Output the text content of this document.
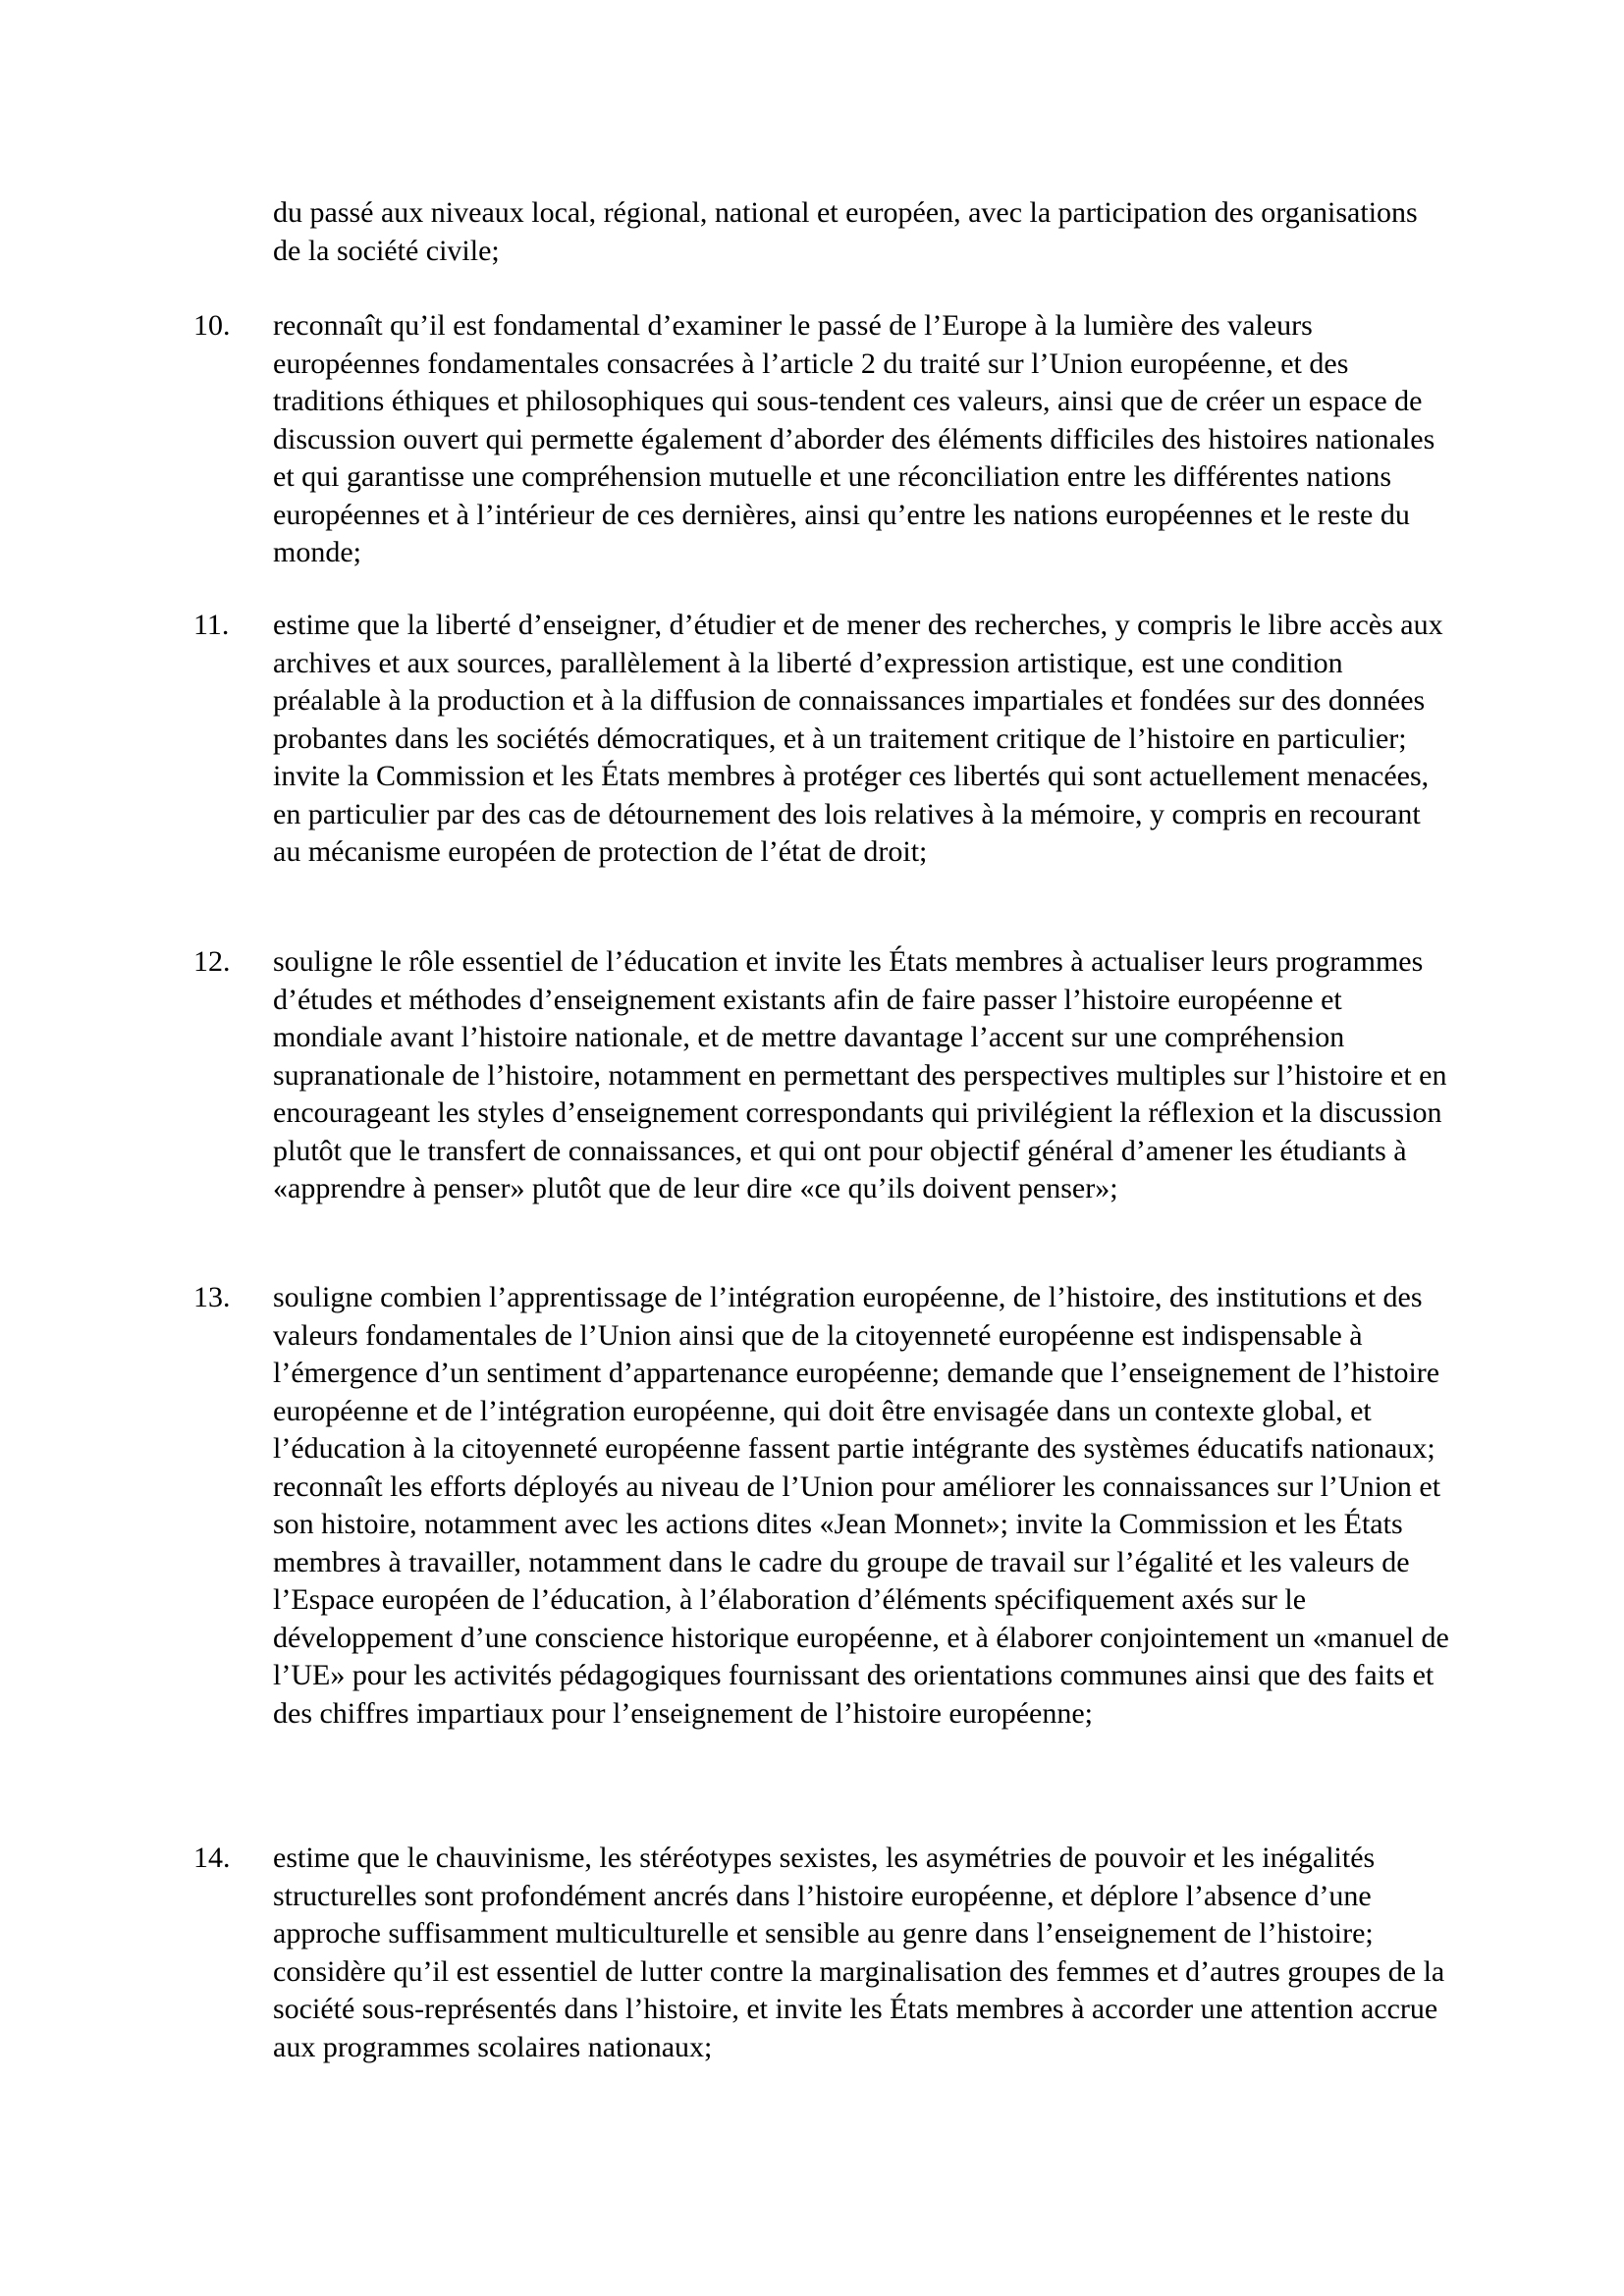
du passé aux niveaux local, régional, national et européen, avec la participation des organisations de la société civile;

10. reconnaît qu’il est fondamental d’examiner le passé de l’Europe à la lumière des valeurs européennes fondamentales consacrées à l’article 2 du traité sur l’Union européenne, et des traditions éthiques et philosophiques qui sous-tendent ces valeurs, ainsi que de créer un espace de discussion ouvert qui permette également d’aborder des éléments difficiles des histoires nationales et qui garantisse une compréhension mutuelle et une réconciliation entre les différentes nations européennes et à l’intérieur de ces dernières, ainsi qu’entre les nations européennes et le reste du monde;

11. estime que la liberté d’enseigner, d’étudier et de mener des recherches, y compris le libre accès aux archives et aux sources, parallèlement à la liberté d’expression artistique, est une condition préalable à la production et à la diffusion de connaissances impartiales et fondées sur des données probantes dans les sociétés démocratiques, et à un traitement critique de l’histoire en particulier; invite la Commission et les États membres à protéger ces libertés qui sont actuellement menacées, en particulier par des cas de détournement des lois relatives à la mémoire, y compris en recourant au mécanisme européen de protection de l’état de droit;

12. souligne le rôle essentiel de l’éducation et invite les États membres à actualiser leurs programmes d’études et méthodes d’enseignement existants afin de faire passer l’histoire européenne et mondiale avant l’histoire nationale, et de mettre davantage l’accent sur une compréhension supranationale de l’histoire, notamment en permettant des perspectives multiples sur l’histoire et en encourageant les styles d’enseignement correspondants qui privilégient la réflexion et la discussion plutôt que le transfert de connaissances, et qui ont pour objectif général d’amener les étudiants à «apprendre à penser» plutôt que de leur dire «ce qu’ils doivent penser»;

13. souligne combien l’apprentissage de l’intégration européenne, de l’histoire, des institutions et des valeurs fondamentales de l’Union ainsi que de la citoyenneté européenne est indispensable à l’émergence d’un sentiment d’appartenance européenne; demande que l’enseignement de l’histoire européenne et de l’intégration européenne, qui doit être envisagée dans un contexte global, et l’éducation à la citoyenneté européenne fassent partie intégrante des systèmes éducatifs nationaux; reconnaît les efforts déployés au niveau de l’Union pour améliorer les connaissances sur l’Union et son histoire, notamment avec les actions dites «Jean Monnet»; invite la Commission et les États membres à travailler, notamment dans le cadre du groupe de travail sur l’égalité et les valeurs de l’Espace européen de l’éducation, à l’élaboration d’éléments spécifiquement axés sur le développement d’une conscience historique européenne, et à élaborer conjointement un «manuel de l’UE» pour les activités pédagogiques fournissant des orientations communes ainsi que des faits et des chiffres impartiaux pour l’enseignement de l’histoire européenne;

14. estime que le chauvinisme, les stéréotypes sexistes, les asymétries de pouvoir et les inégalités structurelles sont profondément ancrés dans l’histoire européenne, et déplore l’absence d’une approche suffisamment multiculturelle et sensible au genre dans l’enseignement de l’histoire; considère qu’il est essentiel de lutter contre la marginalisation des femmes et d’autres groupes de la société sous-représentés dans l’histoire, et invite les États membres à accorder une attention accrue aux programmes scolaires nationaux;
